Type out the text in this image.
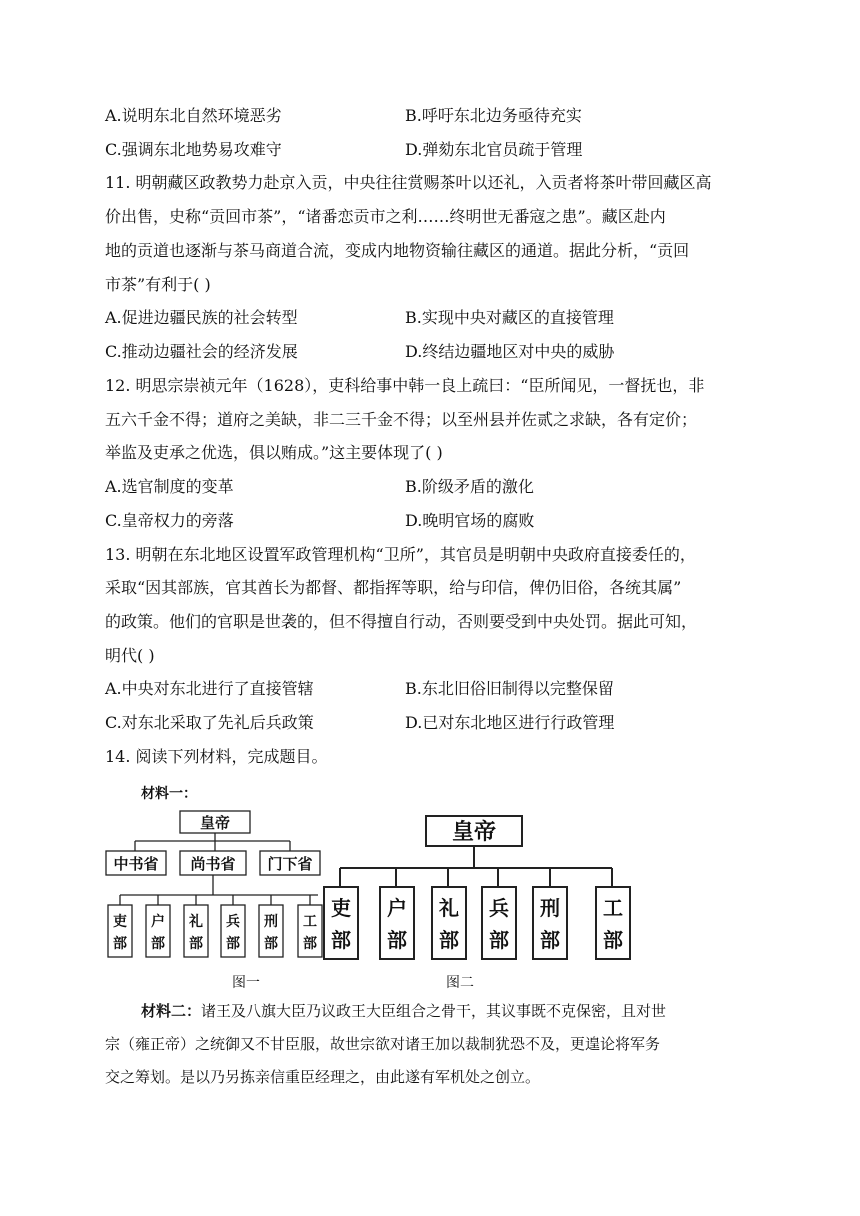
A.说明东北自然环境恶劣	B.呼吁东北边务亟待充实
C.强调东北地势易攻难守	D.弹劾东北官员疏于管理
11. 明朝藏区政教势力赴京入贡，中央往往赏赐茶叶以还礼，入贡者将茶叶带回藏区高
价出售，史称“贡回市茶”，“诸番恋贡市之利……终明世无番寇之患”。藏区赴内
地的贡道也逐渐与茶马商道合流，变成内地物资输往藏区的通道。据此分析，“贡回
市茶”有利于( )
A.促进边疆民族的社会转型	B.实现中央对藏区的直接管理
C.推动边疆社会的经济发展	D.终结边疆地区对中央的威胁
12. 明思宗崇祯元年（1628），吏科给事中韩一良上疏曰：“臣所闻见，一督抚也，非
五六千金不得；道府之美缺，非二三千金不得；以至州县并佐贰之求缺，各有定价；
举监及吏承之优选，俱以贿成。”这主要体现了( )
A.选官制度的变革	B.阶级矛盾的激化
C.皇帝权力的旁落	D.晚明官场的腐败
13. 明朝在东北地区设置军政管理机构“卫所”，其官员是明朝中央政府直接委任的，
采取“因其部族，官其酋长为都督、都指挥等职，给与印信，俾仍旧俗，各统其属”
的政策。他们的官职是世袭的，但不得擅自行动，否则要受到中央处罚。据此可知，
明代( )
A.中央对东北进行了直接管辖	B.东北旧俗旧制得以完整保留
C.对东北采取了先礼后兵政策	D.已对东北地区进行行政管理
14. 阅读下列材料，完成题目。
材料一：
皇帝
中书省 尚书省 门下省
吏
部
户
部
礼
部
兵
部
刑
部
工
部
图一
皇帝
吏
部
户
部
礼
部
兵
部
刑
部
工
部
图二
材料二：诸王及八旗大臣乃议政王大臣组合之骨干，其议事既不克保密，且对世
宗（雍正帝）之统御又不甘臣服，故世宗欲对诸王加以裁制犹恐不及，更遑论将军务
交之筹划。是以乃另拣亲信重臣经理之，由此遂有军机处之创立。
